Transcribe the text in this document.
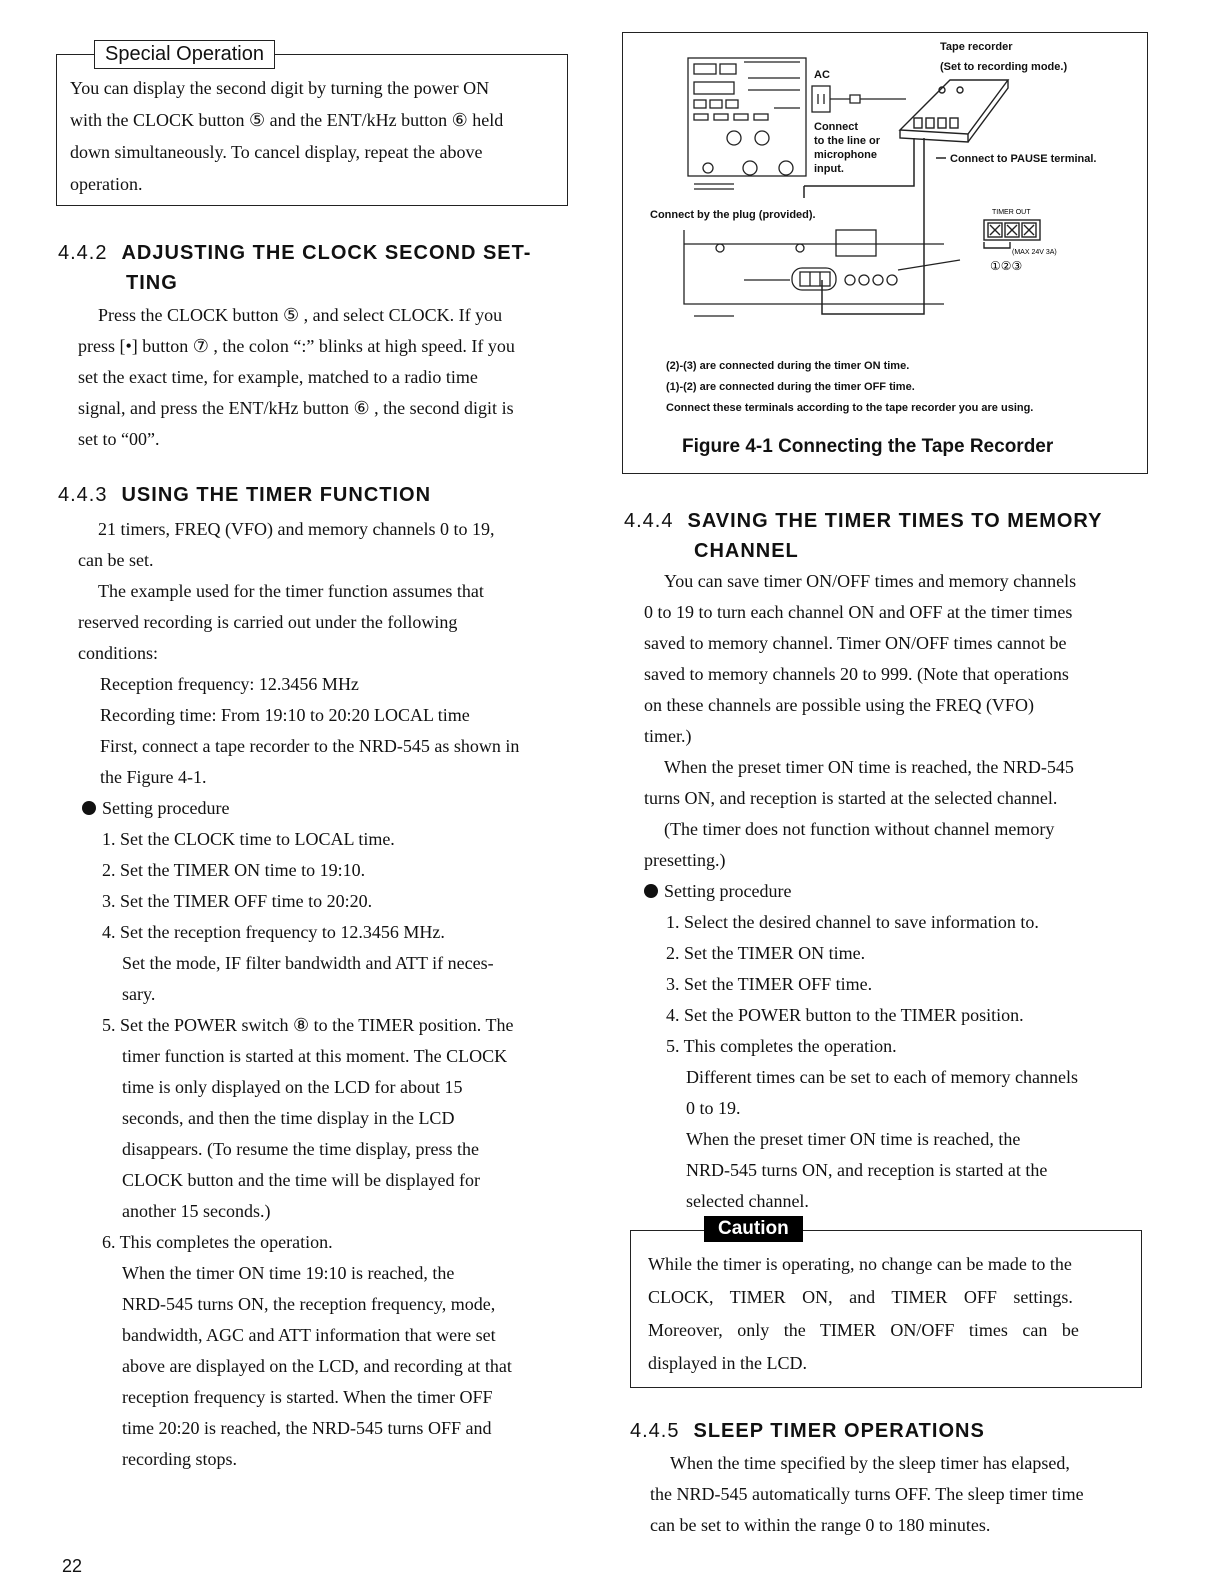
Special Operation
You can display the second digit by turning the power ON
with the CLOCK button ⑤ and the ENT/kHz button ⑥ held
down simultaneously. To cancel display, repeat the above
operation.
4.4.2 ADJUSTING THE CLOCK SECOND SET-
TING

Press the CLOCK button ⑤ , and select CLOCK. If you

press [•] button ⑦ , the colon “:” blinks at high speed. If you

set the exact time, for example, matched to a radio time

signal, and press the ENT/kHz button ⑥ , the second digit is

set to “00”.

4.4.3 USING THE TIMER FUNCTION

21 timers, FREQ (VFO) and memory channels 0 to 19,

can be set.

The example used for the timer function assumes that

reserved recording is carried out under the following

conditions:

Reception frequency: 12.3456 MHz

Recording time: From 19:10 to 20:20 LOCAL time

First, connect a tape recorder to the NRD-545 as shown in

the Figure 4-1.

Setting procedure

1. Set the CLOCK time to LOCAL time.

2. Set the TIMER ON time to 19:10.

3. Set the TIMER OFF time to 20:20.

4. Set the reception frequency to 12.3456 MHz.

Set the mode, IF filter bandwidth and ATT if neces-

sary.

5. Set the POWER switch ⑧ to the TIMER position. The

timer function is started at this moment. The CLOCK

time is only displayed on the LCD for about 15

seconds, and then the time display in the LCD

disappears. (To resume the time display, press the

CLOCK button and the time will be displayed for

another 15 seconds.)

6. This completes the operation.

When the timer ON time 19:10 is reached, the

NRD-545 turns ON, the reception frequency, mode,

bandwidth, AGC and ATT information that were set

above are displayed on the LCD, and recording at that

reception frequency is started. When the timer OFF

time 20:20 is reached, the NRD-545 turns OFF and

recording stops.

22
AC
Tape recorder
(Set to recording mode.)
Connect to the line or microphone input.
Connect to PAUSE terminal.
Connect by the plug (provided).	TIMER OUT
(MAX 24V 3A)
①②③
(2)-(3) are connected during the timer ON time.
(1)-(2) are connected during the timer OFF time.
Connect these terminals according to the tape recorder you are using.
Figure 4-1 Connecting the Tape Recorder
4.4.4 SAVING THE TIMER TIMES TO MEMORY
CHANNEL

You can save timer ON/OFF times and memory channels

0 to 19 to turn each channel ON and OFF at the timer times

saved to memory channel. Timer ON/OFF times cannot be

saved to memory channels 20 to 999. (Note that operations

on these channels are possible using the FREQ (VFO)

timer.)

When the preset timer ON time is reached, the NRD-545

turns ON, and reception is started at the selected channel.

(The timer does not function without channel memory

presetting.)

Setting procedure

1. Select the desired channel to save information to.

2. Set the TIMER ON time.

3. Set the TIMER OFF time.

4. Set the POWER button to the TIMER position.

5. This completes the operation.

Different times can be set to each of memory channels

0 to 19.

When the preset timer ON time is reached, the

NRD-545 turns ON, and reception is started at the

selected channel.

Caution

While the timer is operating, no change can be made to the

CLOCK, TIMER ON, and TIMER OFF settings.

Moreover, only the TIMER ON/OFF times can be

displayed in the LCD.

4.4.5 SLEEP TIMER OPERATIONS

When the time specified by the sleep timer has elapsed,

the NRD-545 automatically turns OFF. The sleep timer time

can be set to within the range 0 to 180 minutes.
